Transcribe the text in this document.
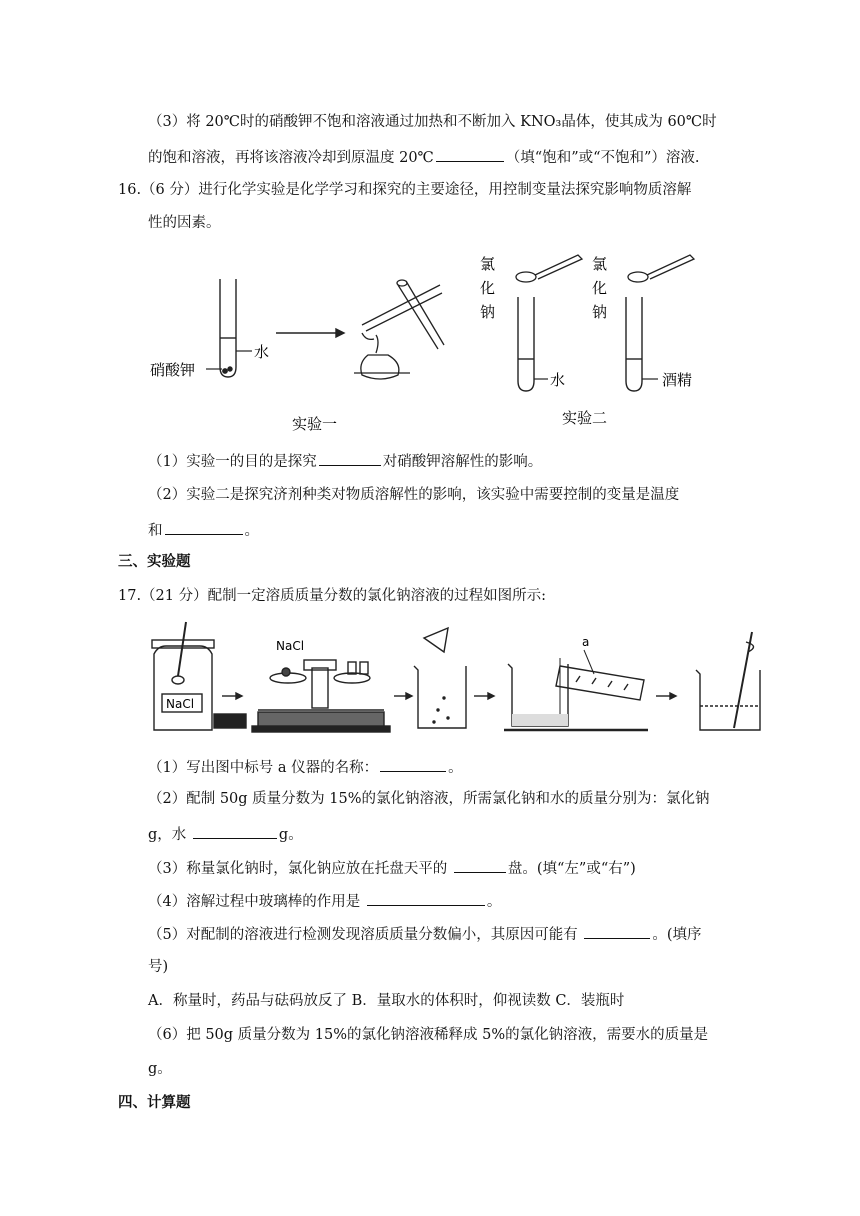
（3）将 20℃时的硝酸钾不饱和溶液通过加热和不断加入 KNO₃晶体，使其成为 60℃时
的饱和溶液，再将该溶液冷却到原温度 20℃	（填“饱和”或“不饱和”）溶液.
16.（6 分）进行化学实验是化学学习和探究的主要途径，用控制变量法探究影响物质溶解
性的因素。
水
硝酸钾
实验一
氯
化
钠
水
氯
化
钠
酒精
实验二
（1）实验一的目的是探究	对硝酸钾溶解性的影响。
（2）实验二是探究济剂种类对物质溶解性的影响，该实验中需要控制的变量是温度
和	。
三、实验题
17.（21 分）配制一定溶质质量分数的氯化钠溶液的过程如图所示:
NaCl
NaCl	a
（1）写出图中标号 a 仪器的名称：	。
（2）配制 50g 质量分数为 15%的氯化钠溶液，所需氯化钠和水的质量分别为：氯化钠
g，水	g。
（3）称量氯化钠时，氯化钠应放在托盘天平的	盘。(填“左”或“右”)
（4）溶解过程中玻璃棒的作用是	。
（5）对配制的溶液进行检测发现溶质质量分数偏小，其原因可能有	。(填序
号)
A．称量时，药品与砝码放反了 B．量取水的体积时，仰视读数 C．装瓶时
（6）把 50g 质量分数为 15%的氯化钠溶液稀释成 5%的氯化钠溶液，需要水的质量是
g。
四、计算题
